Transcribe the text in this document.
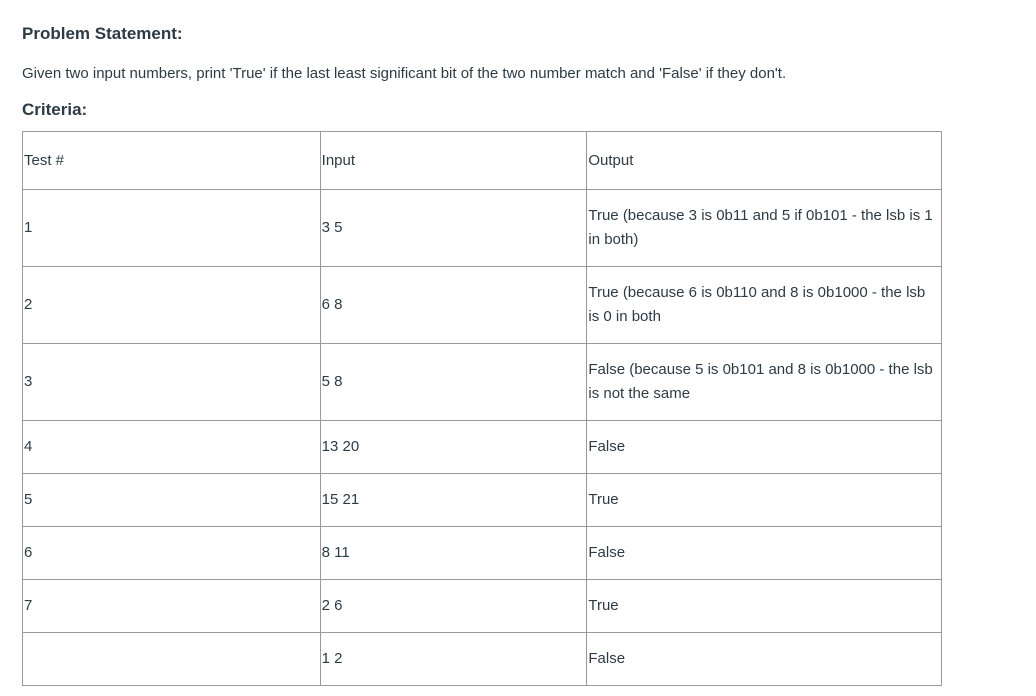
Problem Statement:

Given two input numbers, print 'True' if the last least significant bit of the two number match and 'False' if they don't.

Criteria:
Test #	Input	Output
1	3 5	True (because 3 is 0b11 and 5 if 0b101 - the lsb is 1 in both)
2	6 8	True (because 6 is 0b110 and 8 is 0b1000 - the lsb is 0 in both
3	5 8	False (because 5 is 0b101 and 8 is 0b1000 - the lsb is not the same
4	13 20	False
5	15 21	True
6	8 11	False
7	2 6	True
	1 2	False
